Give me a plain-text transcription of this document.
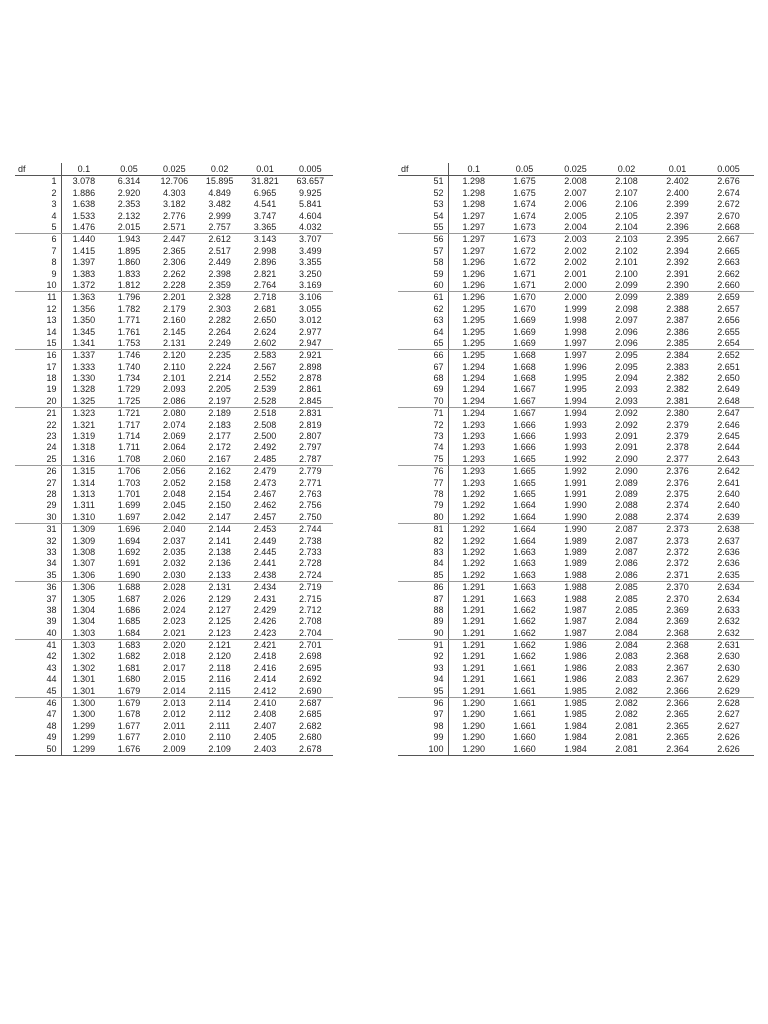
df	0.1	0.05	0.025	0.02	0.01	0.005
1	3.078	6.314	12.706	15.895	31.821	63.657
2	1.886	2.920	4.303	4.849	6.965	9.925
3	1.638	2.353	3.182	3.482	4.541	5.841
4	1.533	2.132	2.776	2.999	3.747	4.604
5	1.476	2.015	2.571	2.757	3.365	4.032
6	1.440	1.943	2.447	2.612	3.143	3.707
7	1.415	1.895	2.365	2.517	2.998	3.499
8	1.397	1.860	2.306	2.449	2.896	3.355
9	1.383	1.833	2.262	2.398	2.821	3.250
10	1.372	1.812	2.228	2.359	2.764	3.169
11	1.363	1.796	2.201	2.328	2.718	3.106
12	1.356	1.782	2.179	2.303	2.681	3.055
13	1.350	1.771	2.160	2.282	2.650	3.012
14	1.345	1.761	2.145	2.264	2.624	2.977
15	1.341	1.753	2.131	2.249	2.602	2.947
16	1.337	1.746	2.120	2.235	2.583	2.921
17	1.333	1.740	2.110	2.224	2.567	2.898
18	1.330	1.734	2.101	2.214	2.552	2.878
19	1.328	1.729	2.093	2.205	2.539	2.861
20	1.325	1.725	2.086	2.197	2.528	2.845
21	1.323	1.721	2.080	2.189	2.518	2.831
22	1.321	1.717	2.074	2.183	2.508	2.819
23	1.319	1.714	2.069	2.177	2.500	2.807
24	1.318	1.711	2.064	2.172	2.492	2.797
25	1.316	1.708	2.060	2.167	2.485	2.787
26	1.315	1.706	2.056	2.162	2.479	2.779
27	1.314	1.703	2.052	2.158	2.473	2.771
28	1.313	1.701	2.048	2.154	2.467	2.763
29	1.311	1.699	2.045	2.150	2.462	2.756
30	1.310	1.697	2.042	2.147	2.457	2.750
31	1.309	1.696	2.040	2.144	2.453	2.744
32	1.309	1.694	2.037	2.141	2.449	2.738
33	1.308	1.692	2.035	2.138	2.445	2.733
34	1.307	1.691	2.032	2.136	2.441	2.728
35	1.306	1.690	2.030	2.133	2.438	2.724
36	1.306	1.688	2.028	2.131	2.434	2.719
37	1.305	1.687	2.026	2.129	2.431	2.715
38	1.304	1.686	2.024	2.127	2.429	2.712
39	1.304	1.685	2.023	2.125	2.426	2.708
40	1.303	1.684	2.021	2.123	2.423	2.704
41	1.303	1.683	2.020	2.121	2.421	2.701
42	1.302	1.682	2.018	2.120	2.418	2.698
43	1.302	1.681	2.017	2.118	2.416	2.695
44	1.301	1.680	2.015	2.116	2.414	2.692
45	1.301	1.679	2.014	2.115	2.412	2.690
46	1.300	1.679	2.013	2.114	2.410	2.687
47	1.300	1.678	2.012	2.112	2.408	2.685
48	1.299	1.677	2.011	2.111	2.407	2.682
49	1.299	1.677	2.010	2.110	2.405	2.680
50	1.299	1.676	2.009	2.109	2.403	2.678
df	0.1	0.05	0.025	0.02	0.01	0.005
51	1.298	1.675	2.008	2.108	2.402	2.676
52	1.298	1.675	2.007	2.107	2.400	2.674
53	1.298	1.674	2.006	2.106	2.399	2.672
54	1.297	1.674	2.005	2.105	2.397	2.670
55	1.297	1.673	2.004	2.104	2.396	2.668
56	1.297	1.673	2.003	2.103	2.395	2.667
57	1.297	1.672	2.002	2.102	2.394	2.665
58	1.296	1.672	2.002	2.101	2.392	2.663
59	1.296	1.671	2.001	2.100	2.391	2.662
60	1.296	1.671	2.000	2.099	2.390	2.660
61	1.296	1.670	2.000	2.099	2.389	2.659
62	1.295	1.670	1.999	2.098	2.388	2.657
63	1.295	1.669	1.998	2.097	2.387	2.656
64	1.295	1.669	1.998	2.096	2.386	2.655
65	1.295	1.669	1.997	2.096	2.385	2.654
66	1.295	1.668	1.997	2.095	2.384	2.652
67	1.294	1.668	1.996	2.095	2.383	2.651
68	1.294	1.668	1.995	2.094	2.382	2.650
69	1.294	1.667	1.995	2.093	2.382	2.649
70	1.294	1.667	1.994	2.093	2.381	2.648
71	1.294	1.667	1.994	2.092	2.380	2.647
72	1.293	1.666	1.993	2.092	2.379	2.646
73	1.293	1.666	1.993	2.091	2.379	2.645
74	1.293	1.666	1.993	2.091	2.378	2.644
75	1.293	1.665	1.992	2.090	2.377	2.643
76	1.293	1.665	1.992	2.090	2.376	2.642
77	1.293	1.665	1.991	2.089	2.376	2.641
78	1.292	1.665	1.991	2.089	2.375	2.640
79	1.292	1.664	1.990	2.088	2.374	2.640
80	1.292	1.664	1.990	2.088	2.374	2.639
81	1.292	1.664	1.990	2.087	2.373	2.638
82	1.292	1.664	1.989	2.087	2.373	2.637
83	1.292	1.663	1.989	2.087	2.372	2.636
84	1.292	1.663	1.989	2.086	2.372	2.636
85	1.292	1.663	1.988	2.086	2.371	2.635
86	1.291	1.663	1.988	2.085	2.370	2.634
87	1.291	1.663	1.988	2.085	2.370	2.634
88	1.291	1.662	1.987	2.085	2.369	2.633
89	1.291	1.662	1.987	2.084	2.369	2.632
90	1.291	1.662	1.987	2.084	2.368	2.632
91	1.291	1.662	1.986	2.084	2.368	2.631
92	1.291	1.662	1.986	2.083	2.368	2.630
93	1.291	1.661	1.986	2.083	2.367	2.630
94	1.291	1.661	1.986	2.083	2.367	2.629
95	1.291	1.661	1.985	2.082	2.366	2.629
96	1.290	1.661	1.985	2.082	2.366	2.628
97	1.290	1.661	1.985	2.082	2.365	2.627
98	1.290	1.661	1.984	2.081	2.365	2.627
99	1.290	1.660	1.984	2.081	2.365	2.626
100	1.290	1.660	1.984	2.081	2.364	2.626
